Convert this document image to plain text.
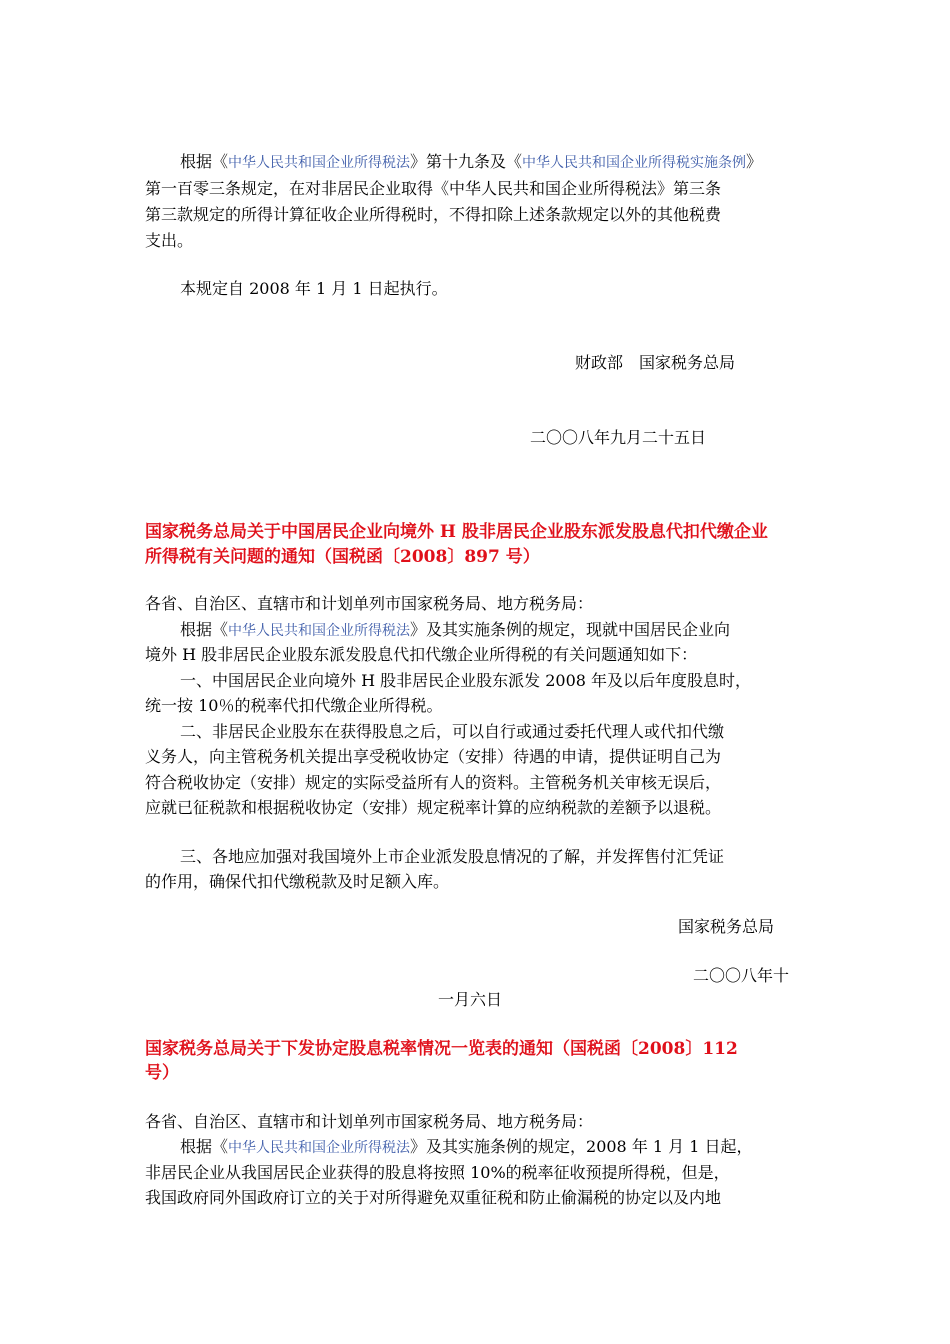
根据《中华人民共和国企业所得税法》第十九条及《中华人民共和国企业所得税实施条例》
第一百零三条规定，在对非居民企业取得《中华人民共和国企业所得税法》第三条
第三款规定的所得计算征收企业所得税时，不得扣除上述条款规定以外的其他税费
支出。
本规定自 2008 年 1 月 1 日起执行。
财政部　国家税务总局
二〇〇八年九月二十五日
国家税务总局关于中国居民企业向境外 H 股非居民企业股东派发股息代扣代缴企业
所得税有关问题的通知（国税函〔2008〕897 号）
各省、自治区、直辖市和计划单列市国家税务局、地方税务局：
根据《中华人民共和国企业所得税法》及其实施条例的规定，现就中国居民企业向
境外 H 股非居民企业股东派发股息代扣代缴企业所得税的有关问题通知如下：
一、中国居民企业向境外 H 股非居民企业股东派发 2008 年及以后年度股息时，
统一按 10％的税率代扣代缴企业所得税。
二、非居民企业股东在获得股息之后，可以自行或通过委托代理人或代扣代缴
义务人，向主管税务机关提出享受税收协定（安排）待遇的申请，提供证明自己为
符合税收协定（安排）规定的实际受益所有人的资料。主管税务机关审核无误后，
应就已征税款和根据税收协定（安排）规定税率计算的应纳税款的差额予以退税。
三、各地应加强对我国境外上市企业派发股息情况的了解，并发挥售付汇凭证
的作用，确保代扣代缴税款及时足额入库。
国家税务总局
二〇〇八年十
一月六日
国家税务总局关于下发协定股息税率情况一览表的通知（国税函〔2008〕112
号）
各省、自治区、直辖市和计划单列市国家税务局、地方税务局：
根据《中华人民共和国企业所得税法》及其实施条例的规定，2008 年 1 月 1 日起，
非居民企业从我国居民企业获得的股息将按照 10%的税率征收预提所得税，但是，
我国政府同外国政府订立的关于对所得避免双重征税和防止偷漏税的协定以及内地
